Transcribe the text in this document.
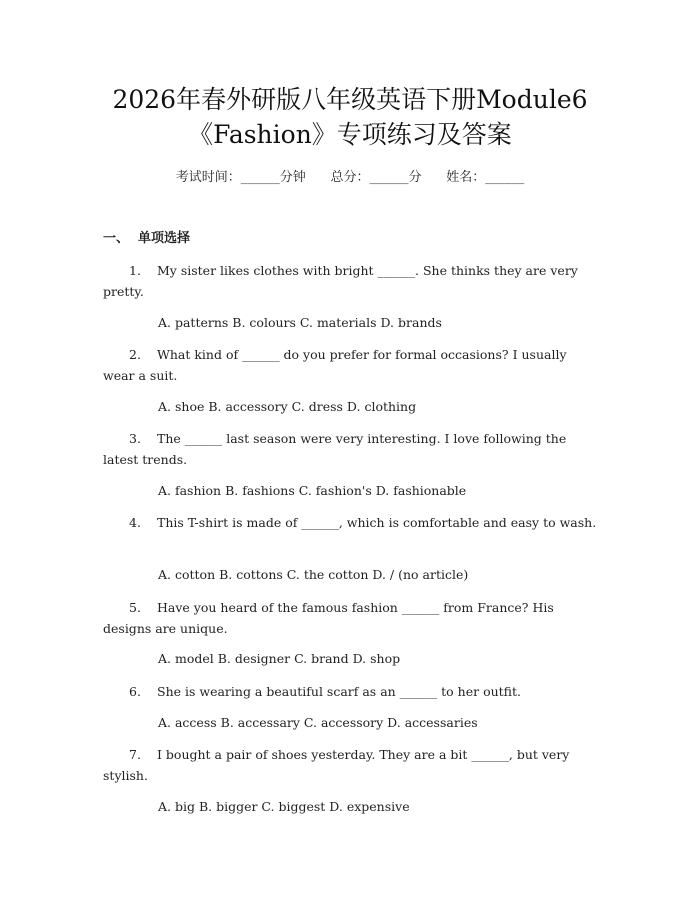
2026年春外研版八年级英语下册Module6
《Fashion》专项练习及答案
考试时间：______分钟      总分：______分      姓名：______
一、  单项选择

1. My sister likes clothes with bright ______. She thinks they are very pretty.

A. patterns B. colours C. materials D. brands

2. What kind of ______ do you prefer for formal occasions? I usually wear a suit.

A. shoe B. accessory C. dress D. clothing

3. The ______ last season were very interesting. I love following the latest trends.

A. fashion B. fashions C. fashion's D. fashionable

4. This T-shirt is made of ______, which is comfortable and easy to wash.

A. cotton B. cottons C. the cotton D. / (no article)

5. Have you heard of the famous fashion ______ from France? His designs are unique.

A. model B. designer C. brand D. shop

6. She is wearing a beautiful scarf as an ______ to her outfit.

A. access B. accessary C. accessory D. accessaries

7. I bought a pair of shoes yesterday. They are a bit ______, but very stylish.

A. big B. bigger C. biggest D. expensive
